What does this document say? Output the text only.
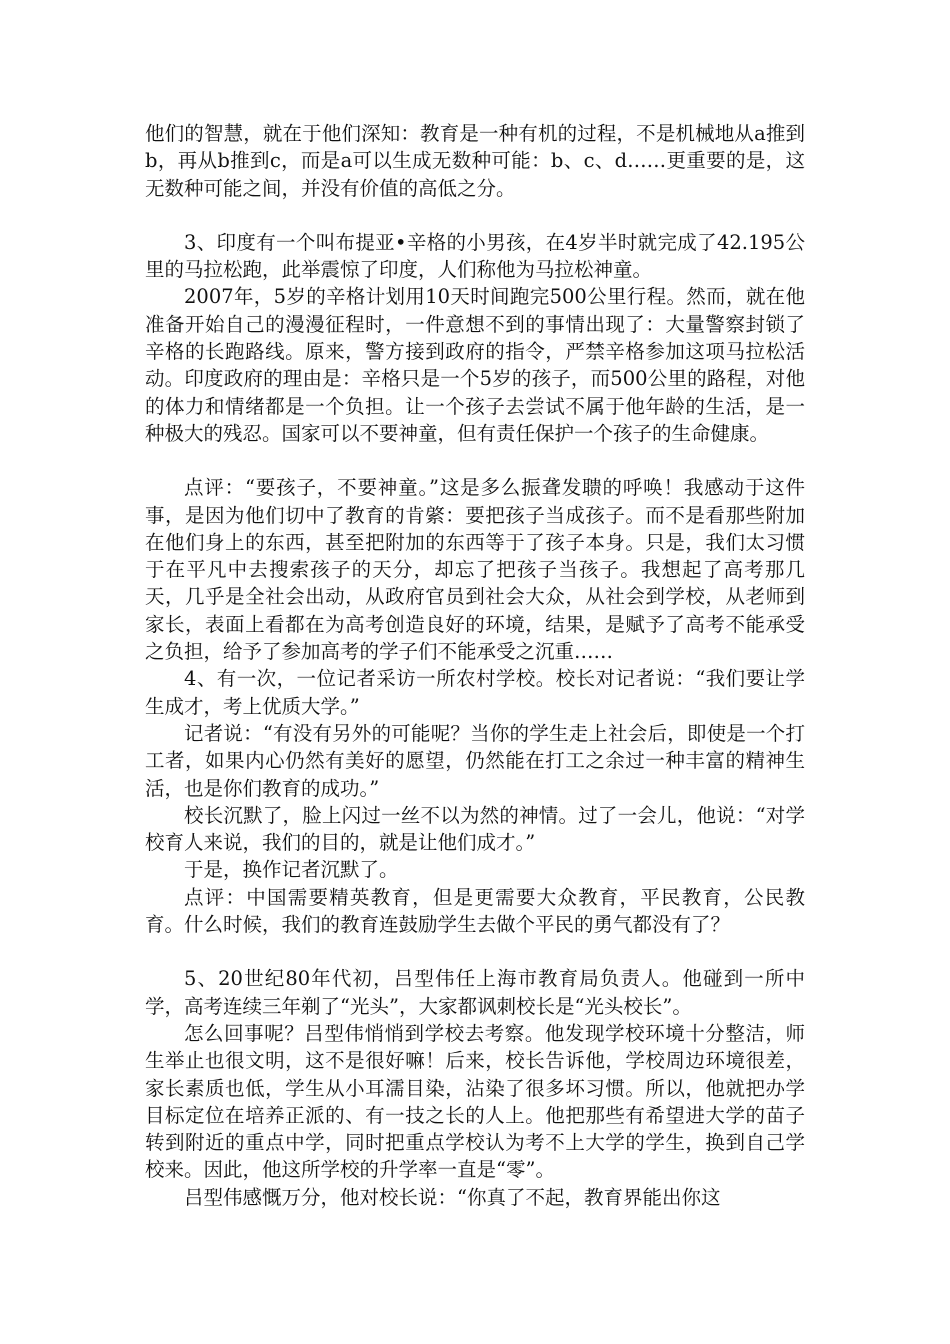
他们的智慧，就在于他们深知：教育是一种有机的过程，不是机械地从a推到b，再从b推到c，而是a可以生成无数种可能：b、c、d……更重要的是，这无数种可能之间，并没有价值的高低之分。

3、印度有一个叫布提亚•辛格的小男孩，在4岁半时就完成了42.195公里的马拉松跑，此举震惊了印度，人们称他为马拉松神童。

2007年，5岁的辛格计划用10天时间跑完500公里行程。然而，就在他准备开始自己的漫漫征程时，一件意想不到的事情出现了：大量警察封锁了辛格的长跑路线。原来，警方接到政府的指令，严禁辛格参加这项马拉松活动。印度政府的理由是：辛格只是一个5岁的孩子，而500公里的路程，对他的体力和情绪都是一个负担。让一个孩子去尝试不属于他年龄的生活，是一种极大的残忍。国家可以不要神童，但有责任保护一个孩子的生命健康。

点评：“要孩子，不要神童。”这是多么振聋发聩的呼唤！我感动于这件事，是因为他们切中了教育的肯綮：要把孩子当成孩子。而不是看那些附加在他们身上的东西，甚至把附加的东西等于了孩子本身。只是，我们太习惯于在平凡中去搜索孩子的天分，却忘了把孩子当孩子。我想起了高考那几天，几乎是全社会出动，从政府官员到社会大众，从社会到学校，从老师到家长，表面上看都在为高考创造良好的环境，结果，是赋予了高考不能承受之负担，给予了参加高考的学子们不能承受之沉重……

4、有一次，一位记者采访一所农村学校。校长对记者说：“我们要让学生成才，考上优质大学。”

记者说：“有没有另外的可能呢？当你的学生走上社会后，即使是一个打工者，如果内心仍然有美好的愿望，仍然能在打工之余过一种丰富的精神生活，也是你们教育的成功。”

校长沉默了，脸上闪过一丝不以为然的神情。过了一会儿，他说：“对学校育人来说，我们的目的，就是让他们成才。”

于是，换作记者沉默了。

点评：中国需要精英教育，但是更需要大众教育，平民教育，公民教育。什么时候，我们的教育连鼓励学生去做个平民的勇气都没有了？

5、20世纪80年代初，吕型伟任上海市教育局负责人。他碰到一所中学，高考连续三年剃了“光头”，大家都讽刺校长是“光头校长”。

怎么回事呢？吕型伟悄悄到学校去考察。他发现学校环境十分整洁，师生举止也很文明，这不是很好嘛！后来，校长告诉他，学校周边环境很差，家长素质也低，学生从小耳濡目染，沾染了很多坏习惯。所以，他就把办学目标定位在培养正派的、有一技之长的人上。他把那些有希望进大学的苗子转到附近的重点中学，同时把重点学校认为考不上大学的学生，换到自己学校来。因此，他这所学校的升学率一直是“零”。

吕型伟感慨万分，他对校长说：“你真了不起，教育界能出你这
